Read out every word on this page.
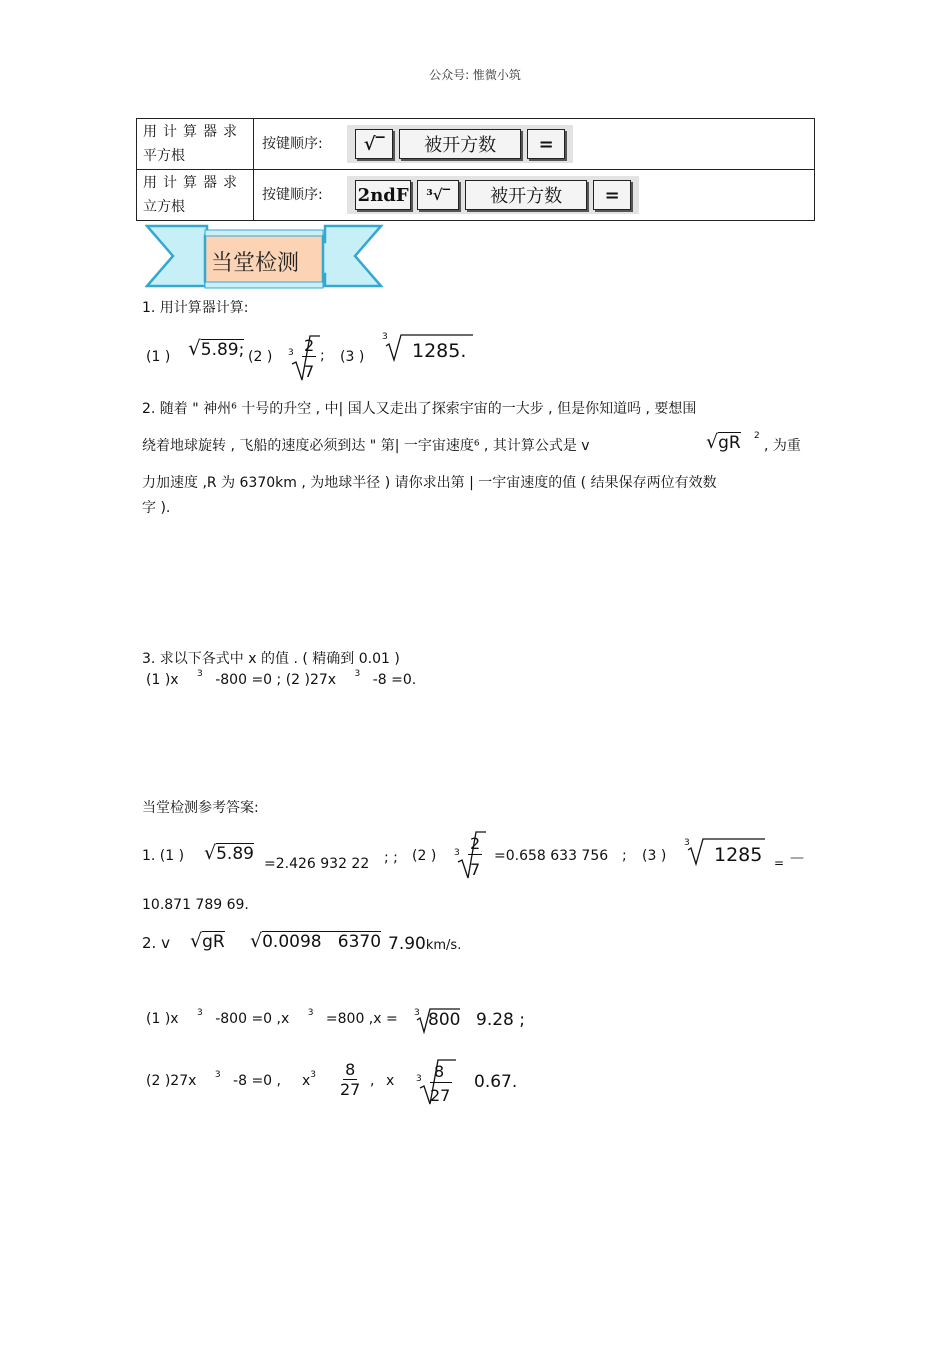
公众号: 惟微小筑
用计算器求
平方根	按键顺序: √‾ 被开方数 =

用计算器求
立方根	按键顺序: 2ndF ³√‾ 被开方数 =
当堂检测
1. 用计算器计算:
(1 ) √5.89; (2 ) 3 2
7
; (3 )
3
1285.
2. 随着 " 神州⁶ 十号的升空 , 中| 国人又走出了探索宇宙的一大步 , 但是你知道吗 , 要想围
绕着地球旋转 , 飞船的速度必须到达 " 第| 一宇宙速度⁶ , 其计算公式是 v	√gR 2
, 为重
力加速度 ,R 为 6370km , 为地球半径 ) 请你求出第 | 一宇宙速度的值 ( 结果保存两位有效数
字 ).
3. 求以下各式中 x 的值 . ( 精确到 0.01 )
(1 )x $^3$ -800 =0 ; (2 )27x $^3$ -8 =0.
当堂检测参考答案:
1. (1 ) √5.89 =2.426 932 22 ; ; (2 ) 3 2
7
=0.658 633 756 ; (3 )
3
1285 = —
10.871 789 69.
2. v √gR √0.0098   6370 7.90km/s.
(1 )x $^3$ -800 =0 ,x $^3$ =800 ,x = 3 800 9.28 ;
(2 )27x $^3$ -8 =0 , $x^3 \frac{8}{27}$ , x 3 8
27
0.67.
